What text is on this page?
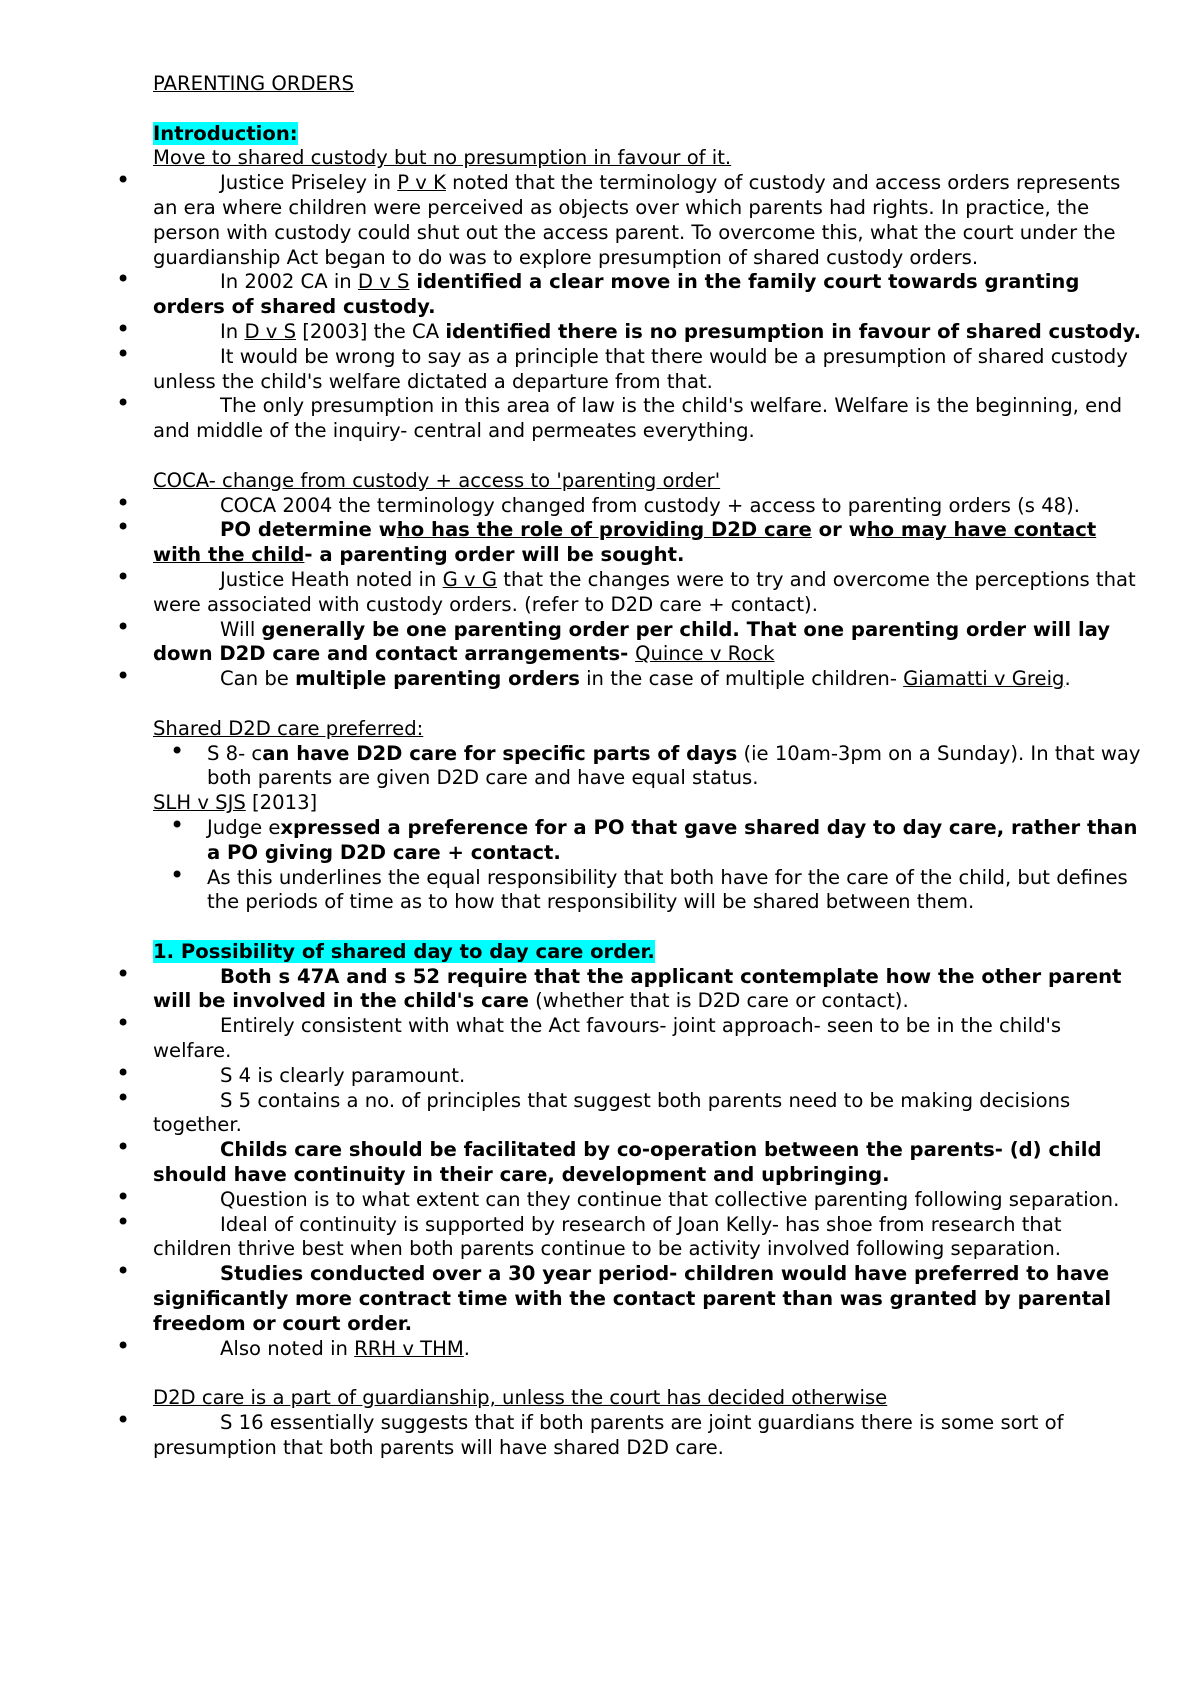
PARENTING ORDERS

Introduction:
Move to shared custody but no presumption in favour of it.
• Justice Priseley in P v K noted that the terminology of custody and access orders represents an era where children were perceived as objects over which parents had rights. In practice, the person with custody could shut out the access parent. To overcome this, what the court under the guardianship Act began to do was to explore presumption of shared custody orders.
• In 2002 CA in D v S identified a clear move in the family court towards granting orders of shared custody.
• In D v S [2003] the CA identified there is no presumption in favour of shared custody.
• It would be wrong to say as a principle that there would be a presumption of shared custody unless the child's welfare dictated a departure from that.
• The only presumption in this area of law is the child's welfare. Welfare is the beginning, end and middle of the inquiry- central and permeates everything.
COCA- change from custody + access to 'parenting order'
• COCA 2004 the terminology changed from custody + access to parenting orders (s 48).
• PO determine who has the role of providing D2D care or who may have contact with the child- a parenting order will be sought.
• Justice Heath noted in G v G that the changes were to try and overcome the perceptions that were associated with custody orders. (refer to D2D care + contact).
• Will generally be one parenting order per child. That one parenting order will lay down D2D care and contact arrangements- Quince v Rock
• Can be multiple parenting orders in the case of multiple children- Giamatti v Greig.
Shared D2D care preferred:
• S 8- can have D2D care for specific parts of days (ie 10am-3pm on a Sunday). In that way both parents are given D2D care and have equal status.
SLH v SJS [2013]
• Judge expressed a preference for a PO that gave shared day to day care, rather than a PO giving D2D care + contact.
• As this underlines the equal responsibility that both have for the care of the child, but defines the periods of time as to how that responsibility will be shared between them.
1. Possibility of shared day to day care order.
• Both s 47A and s 52 require that the applicant contemplate how the other parent will be involved in the child's care (whether that is D2D care or contact).
• Entirely consistent with what the Act favours- joint approach- seen to be in the child's welfare.
• S 4 is clearly paramount.
• S 5 contains a no. of principles that suggest both parents need to be making decisions together.
• Childs care should be facilitated by co-operation between the parents- (d) child should have continuity in their care, development and upbringing.
• Question is to what extent can they continue that collective parenting following separation.
• Ideal of continuity is supported by research of Joan Kelly- has shoe from research that children thrive best when both parents continue to be activity involved following separation.
• Studies conducted over a 30 year period- children would have preferred to have significantly more contract time with the contact parent than was granted by parental freedom or court order.
• Also noted in RRH v THM.
D2D care is a part of guardianship, unless the court has decided otherwise
• S 16 essentially suggests that if both parents are joint guardians there is some sort of presumption that both parents will have shared D2D care.
